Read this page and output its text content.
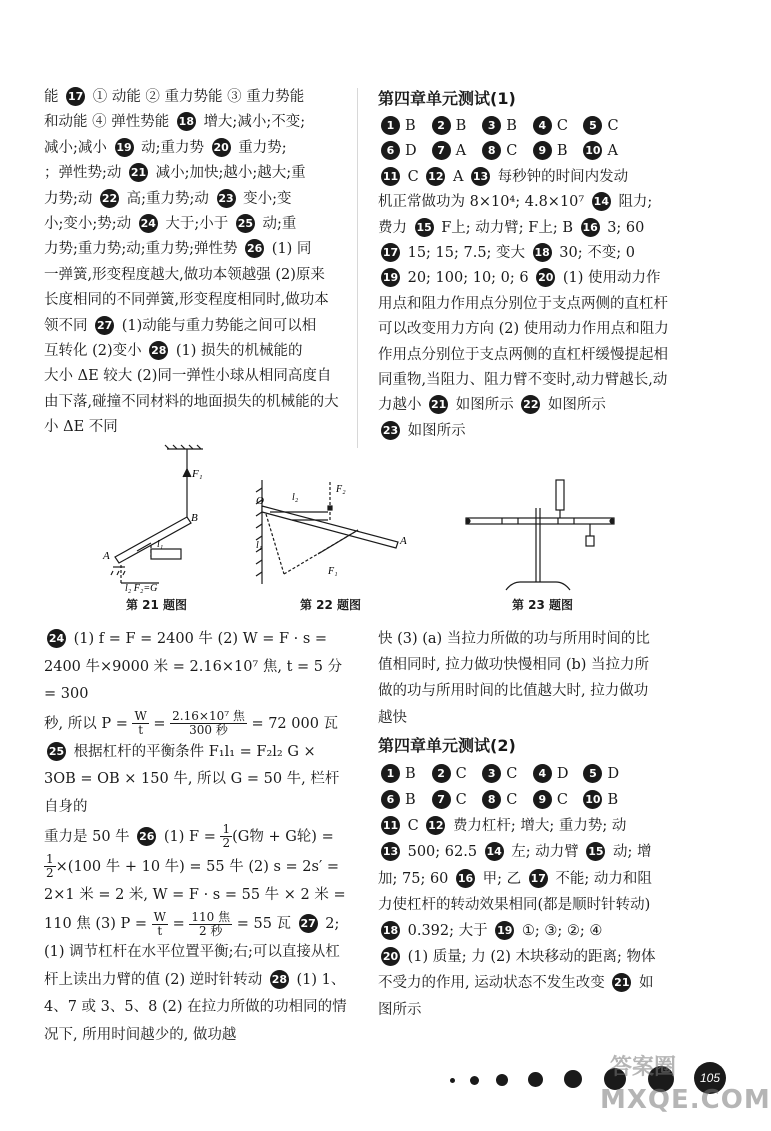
能 17 ① 动能 ② 重力势能 ③ 重力势能

和动能 ④ 弹性势能 18 增大;减小;不变;

减小;减小 19 动;重力势 20 重力势;

；弹性势;动 21 减小;加快;越小;越大;重

力势;动 22 高;重力势;动 23 变小;变

小;变小;势;动 24 大于;小于 25 动;重

力势;重力势;动;重力势;弹性势 26 (1) 同

一弹簧,形变程度越大,做功本领越强 (2)原来

长度相同的不同弹簧,形变程度相同时,做功本

领不同 27 (1)动能与重力势能之间可以相

互转化 (2)变小 28 (1) 损失的机械能的

大小 ΔE 较大 (2)同一弹性小球从相同高度自

由下落,碰撞不同材料的地面损失的机械能的大

小 ΔE 不同

第四章单元测试(1)

1 B 2 B 3 B 4 C 5 C

6 D 7 A 8 C 9 B 10 A

11 C 12 A 13 每秒钟的时间内发动

机正常做功为 8×10⁴; 4.8×10⁷ 14 阻力;

费力 15 F上; 动力臂; F上; B 16 3; 60

17 15; 15; 7.5; 变大 18 30; 不变; 0

19 20; 100; 10; 0; 6 20 (1) 使用动力作

用点和阻力作用点分别位于支点两侧的直杠杆

可以改变用力方向 (2) 使用动力作用点和阻力

作用点分别位于支点两侧的直杠杆缓慢提起相

同重物,当阻力、阻力臂不变时,动力臂越长,动

力越小 21 如图所示 22 如图所示

23 如图所示

F₁
B
l₁
A
l₂ F₂=G
第 21 题图
O	l₂
F₂
l₁
F₁
A
第 22 题图	第 23 题图

24 (1) f = F = 2400 牛 (2) W = F · s =

2400 牛×9000 米 = 2.16×10⁷ 焦, t = 5 分 = 300

秒, 所以 $P = \frac{W}{t} = \frac{\text{2.16×10⁷ 焦}}{\text{300 秒}} = 72$ 000 瓦

25 根据杠杆的平衡条件 F₁l₁ = F₂l₂ G ×

3OB = OB × 150 牛, 所以 G = 50 牛, 栏杆自身的

重力是 50 牛 26 (1) $F = \frac{1}{2} (G$物 + G轮) =

$\frac{1}{2} \times(100$ 牛 + 10 牛) = 55 牛 (2) s = 2s′ =

2×1 米 = 2 米, W = F · s = 55 牛 × 2 米 =

110 焦 (3) $P = \frac{W}{t} = \frac{\text{110 焦}}{\text{2 秒}} = 55$ 瓦 27 2;

(1) 调节杠杆在水平位置平衡;右;可以直接从杠

杆上读出力臂的值 (2) 逆时针转动 28 (1) 1、

4、7 或 3、5、8 (2) 在拉力所做的功相同的情

况下, 所用时间越少的, 做功越

快 (3) (a) 当拉力所做的功与所用时间的比

值相同时, 拉力做功快慢相同 (b) 当拉力所

做的功与所用时间的比值越大时, 拉力做功

越快

第四章单元测试(2)

1 B 2 C 3 C 4 D 5 D

6 B 7 C 8 C 9 C 10 B

11 C 12 费力杠杆; 增大; 重力势; 动

13 500; 62.5 14 左; 动力臂 15 动; 增

加; 75; 60 16 甲; 乙 17 不能; 动力和阻

力使杠杆的转动效果相同(都是顺时针转动)

18 0.392; 大于 19 ①; ③; ②; ④

20 (1) 质量; 力 (2) 木块移动的距离; 物体

不受力的作用, 运动状态不发生改变 21 如

图所示

105
答案圈
MXQE.COM
